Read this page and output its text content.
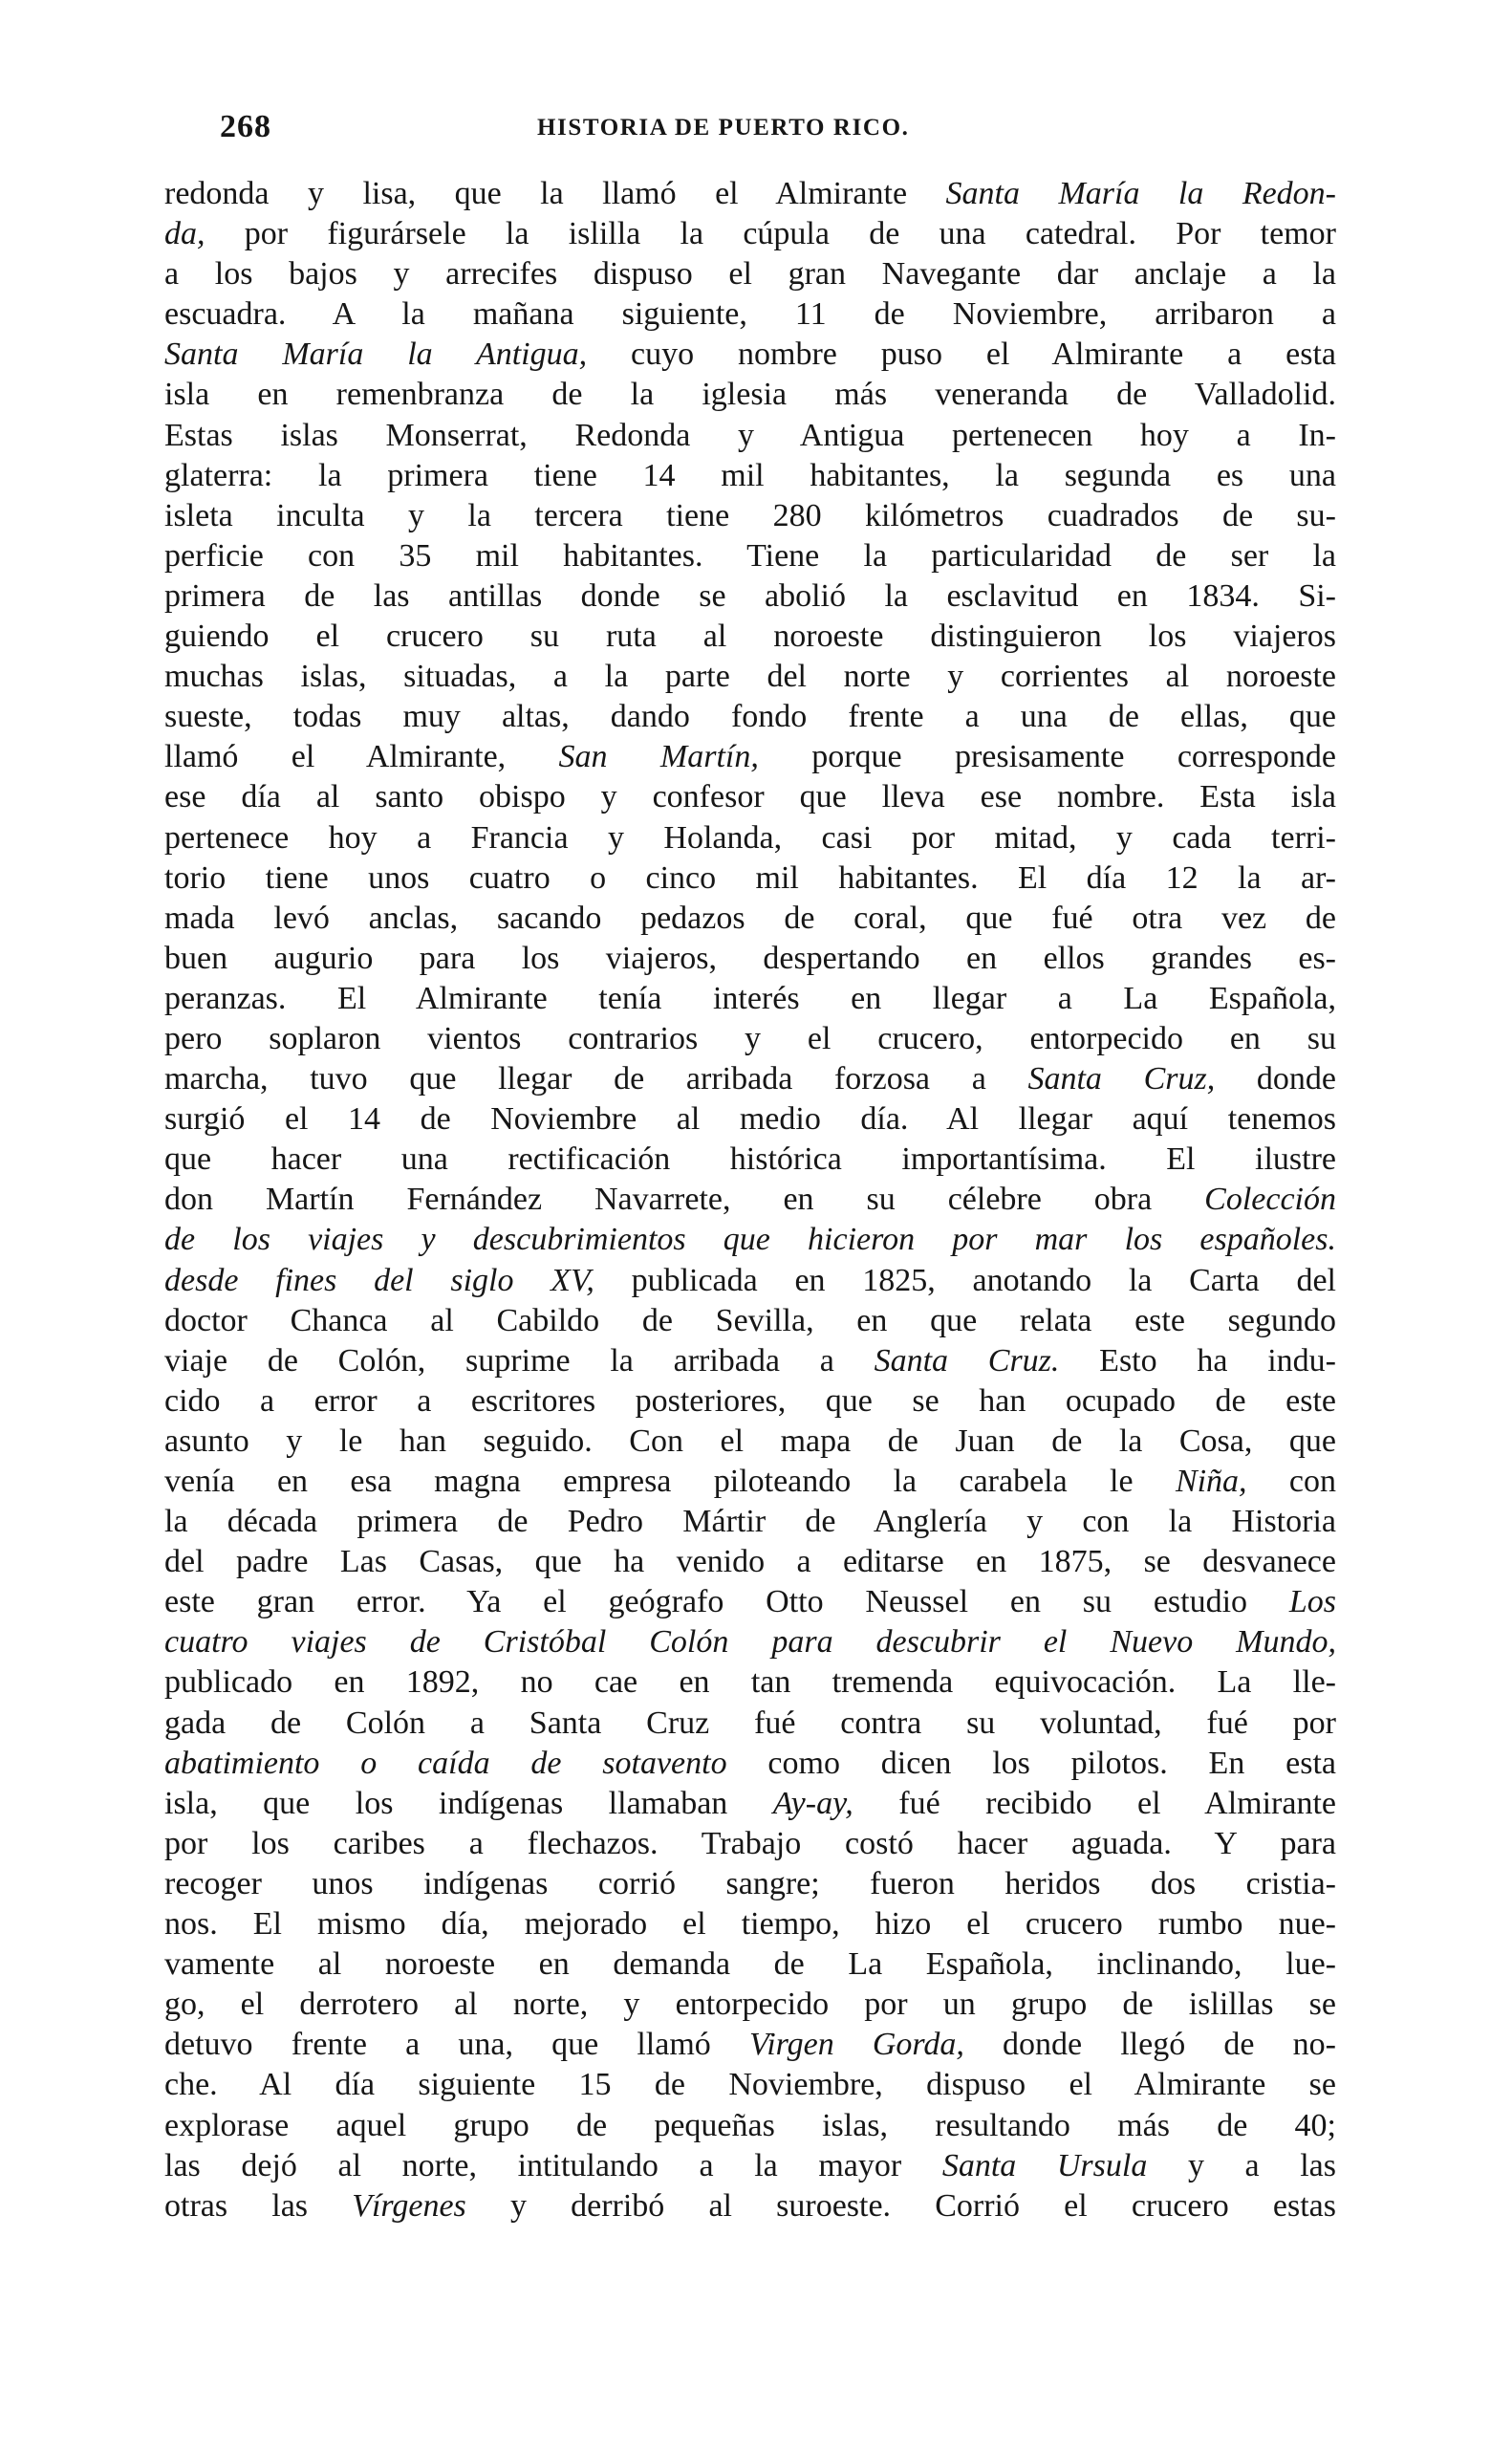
268	HISTORIA DE PUERTO RICO.
redonda y lisa, que la llamó el Almirante Santa María la Redon-
da, por figurársele la islilla la cúpula de una catedral. Por temor
a los bajos y arrecifes dispuso el gran Navegante dar anclaje a la
escuadra. A la mañana siguiente, 11 de Noviembre, arribaron a
Santa María la Antigua, cuyo nombre puso el Almirante a esta
isla en remenbranza de la iglesia más veneranda de Valladolid.
Estas islas Monserrat, Redonda y Antigua pertenecen hoy a In-
glaterra: la primera tiene 14 mil habitantes, la segunda es una
isleta inculta y la tercera tiene 280 kilómetros cuadrados de su-
perficie con 35 mil habitantes. Tiene la particularidad de ser la
primera de las antillas donde se abolió la esclavitud en 1834. Si-
guiendo el crucero su ruta al noroeste distinguieron los viajeros
muchas islas, situadas, a la parte del norte y corrientes al noroeste
sueste, todas muy altas, dando fondo frente a una de ellas, que
llamó el Almirante, San Martín, porque presisamente corresponde
ese día al santo obispo y confesor que lleva ese nombre. Esta isla
pertenece hoy a Francia y Holanda, casi por mitad, y cada terri-
torio tiene unos cuatro o cinco mil habitantes. El día 12 la ar-
mada levó anclas, sacando pedazos de coral, que fué otra vez de
buen augurio para los viajeros, despertando en ellos grandes es-
peranzas. El Almirante tenía interés en llegar a La Española,
pero soplaron vientos contrarios y el crucero, entorpecido en su
marcha, tuvo que llegar de arribada forzosa a Santa Cruz, donde
surgió el 14 de Noviembre al medio día. Al llegar aquí tenemos
que hacer una rectificación histórica importantísima. El ilustre
don Martín Fernández Navarrete, en su célebre obra Colección
de los viajes y descubrimientos que hicieron por mar los españoles.
desde fines del siglo XV, publicada en 1825, anotando la Carta del
doctor Chanca al Cabildo de Sevilla, en que relata este segundo
viaje de Colón, suprime la arribada a Santa Cruz. Esto ha indu-
cido a error a escritores posteriores, que se han ocupado de este
asunto y le han seguido. Con el mapa de Juan de la Cosa, que
venía en esa magna empresa piloteando la carabela le Niña, con
la década primera de Pedro Mártir de Anglería y con la Historia
del padre Las Casas, que ha venido a editarse en 1875, se desvanece
este gran error. Ya el geógrafo Otto Neussel en su estudio Los
cuatro viajes de Cristóbal Colón para descubrir el Nuevo Mundo,
publicado en 1892, no cae en tan tremenda equivocación. La lle-
gada de Colón a Santa Cruz fué contra su voluntad, fué por
abatimiento o caída de sotavento como dicen los pilotos. En esta
isla, que los indígenas llamaban Ay-ay, fué recibido el Almirante
por los caribes a flechazos. Trabajo costó hacer aguada. Y para
recoger unos indígenas corrió sangre; fueron heridos dos cristia-
nos. El mismo día, mejorado el tiempo, hizo el crucero rumbo nue-
vamente al noroeste en demanda de La Española, inclinando, lue-
go, el derrotero al norte, y entorpecido por un grupo de islillas se
detuvo frente a una, que llamó Virgen Gorda, donde llegó de no-
che. Al día siguiente 15 de Noviembre, dispuso el Almirante se
explorase aquel grupo de pequeñas islas, resultando más de 40;
las dejó al norte, intitulando a la mayor Santa Ursula y a las
otras las Vírgenes y derribó al suroeste. Corrió el crucero estas
